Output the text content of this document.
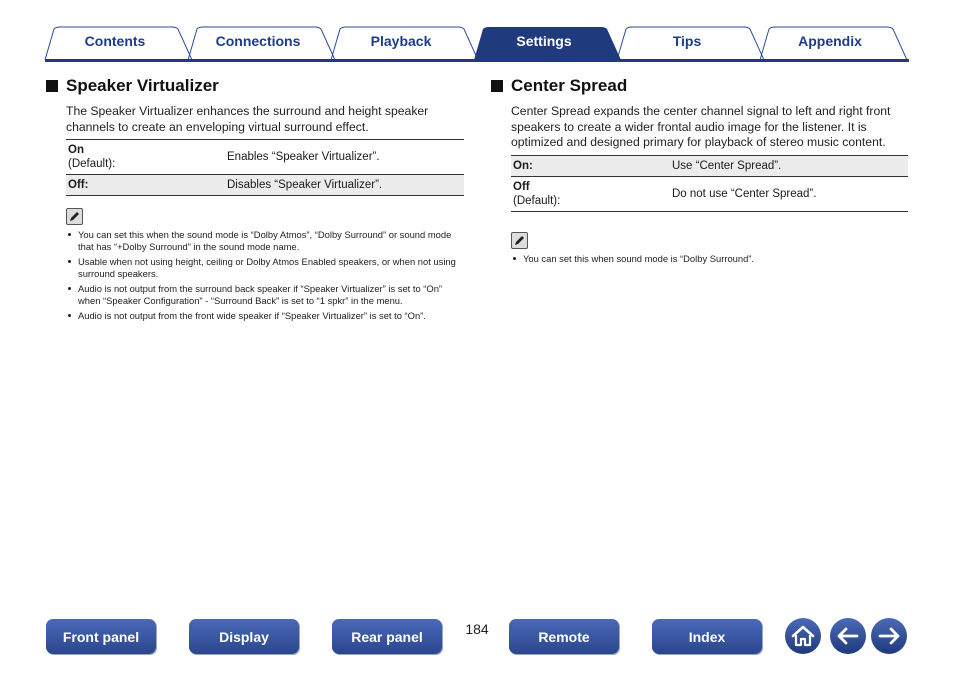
Contents	Connections	Playback	Settings	Tips	Appendix
Speaker Virtualizer

The Speaker Virtualizer enhances the surround and height speaker channels to create an enveloping virtual surround effect.

On
(Default):	Enables “Speaker Virtualizer”.
Off:	Disables “Speaker Virtualizer”.
You can set this when the sound mode is “Dolby Atmos”, “Dolby Surround” or sound mode that has “+Dolby Surround” in the sound mode name.
Usable when not using height, ceiling or Dolby Atmos Enabled speakers, or when not using surround speakers.
Audio is not output from the surround back speaker if “Speaker Virtualizer” is set to “On” when “Speaker Configuration” - “Surround Back” is set to “1 spkr” in the menu.
Audio is not output from the front wide speaker if “Speaker Virtualizer” is set to “On”.
Center Spread

Center Spread expands the center channel signal to left and right front speakers to create a wider frontal audio image for the listener. It is optimized and designed primary for playback of stereo music content.

On:	Use “Center Spread”.

Off
(Default):	Do not use “Center Spread”.
You can set this when sound mode is “Dolby Surround”.
Front panel	Display	Rear panel	184	Remote	Index
